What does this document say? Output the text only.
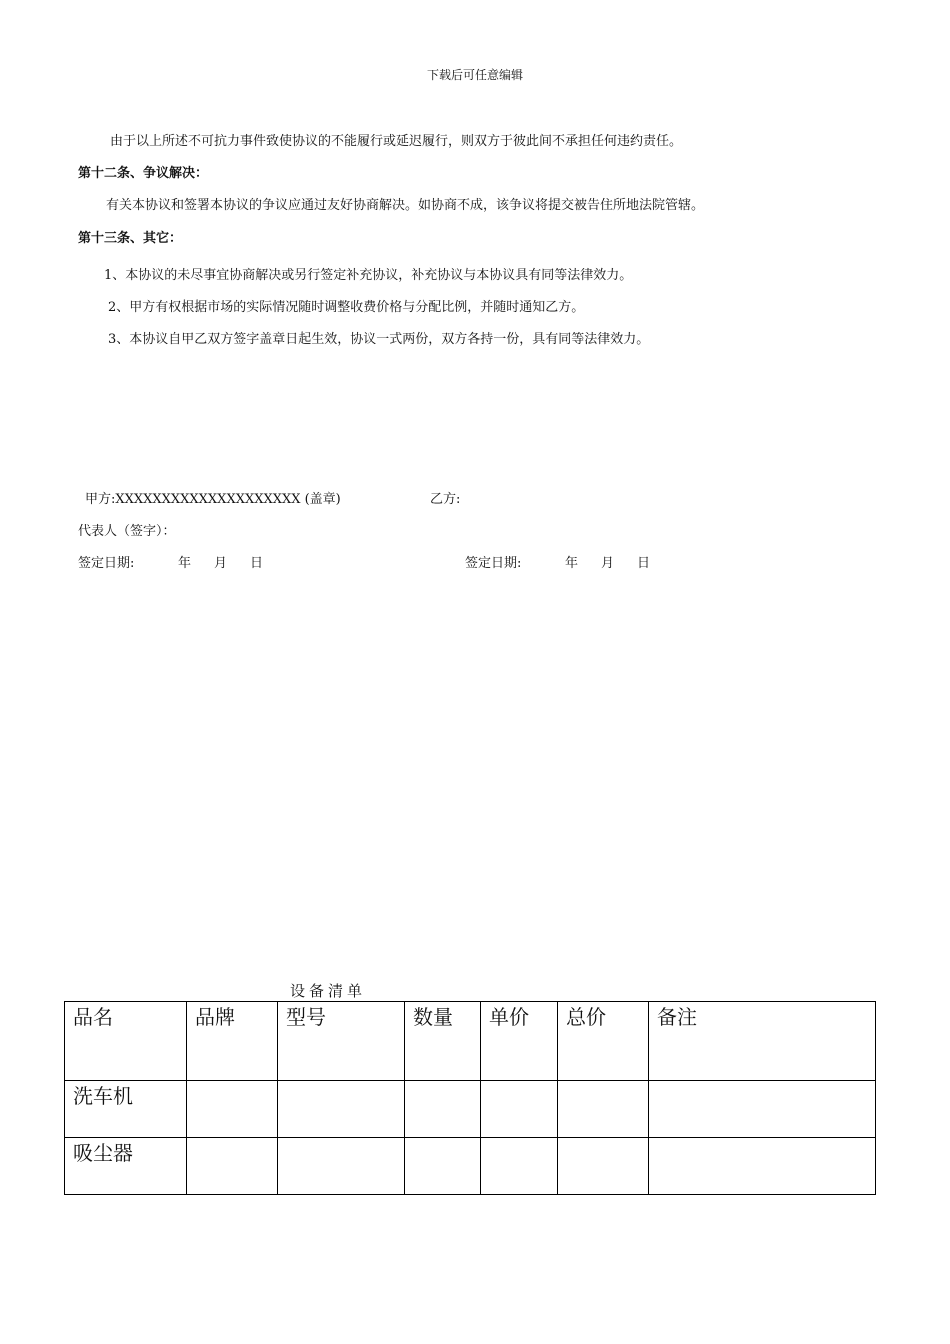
下载后可任意编辑
由于以上所述不可抗力事件致使协议的不能履行或延迟履行，则双方于彼此间不承担任何违约责任。
第十二条、争议解决：
有关本协议和签署本协议的争议应通过友好协商解决。如协商不成，该争议将提交被告住所地法院管辖。
第十三条、其它：
1、本协议的未尽事宜协商解决或另行签定补充协议，补充协议与本协议具有同等法律效力。
2、甲方有权根据市场的实际情况随时调整收费价格与分配比例，并随时通知乙方。
3、本协议自甲乙双方签字盖章日起生效，协议一式两份，双方各持一份，具有同等法律效力。
甲方:XXXXXXXXXXXXXXXXXXXX (盖章)	乙方:
代表人（签字）：
签定日期:	年 月 日	签定日期:	年 月 日
设备清单
品名	品牌	型号	数量	单价	总价	备注
洗车机						
吸尘器						
